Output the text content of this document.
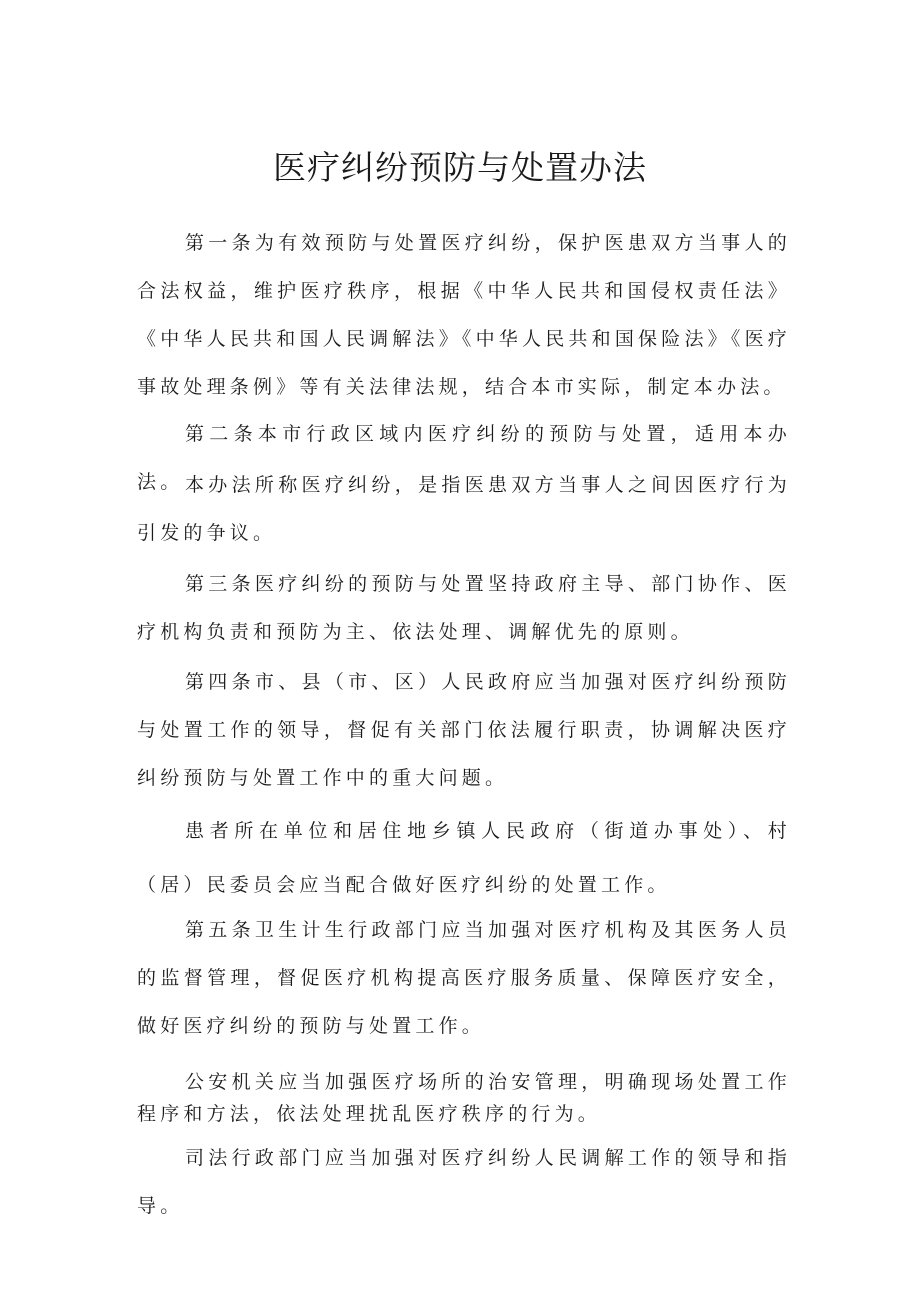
医疗纠纷预防与处置办法

第一条为有效预防与处置医疗纠纷，保护医患双方当事人的合法权益，维护医疗秩序，根据《中华人民共和国侵权责任法》《中华人民共和国人民调解法》《中华人民共和国保险法》《医疗事故处理条例》等有关法律法规，结合本市实际，制定本办法。

第二条本市行政区域内医疗纠纷的预防与处置，适用本办法。 本办法所称医疗纠纷，是指医患双方当事人之间因医疗行为引发的争议。

第三条医疗纠纷的预防与处置坚持政府主导、部门协作、医疗机构负责和预防为主、依法处理、调解优先的原则。

第四条市、县（市、区）人民政府应当加强对医疗纠纷预防与处置工作的领导，督促有关部门依法履行职责，协调解决医疗纠纷预防与处置工作中的重大问题。

患者所在单位和居住地乡镇人民政府（街道办事处）、村（居）民委员会应当配合做好医疗纠纷的处置工作。

第五条卫生计生行政部门应当加强对医疗机构及其医务人员的监督管理，督促医疗机构提高医疗服务质量、保障医疗安全，做好医疗纠纷的预防与处置工作。

公安机关应当加强医疗场所的治安管理，明确现场处置工作程序和方法，依法处理扰乱医疗秩序的行为。

司法行政部门应当加强对医疗纠纷人民调解工作的领导和指导。
